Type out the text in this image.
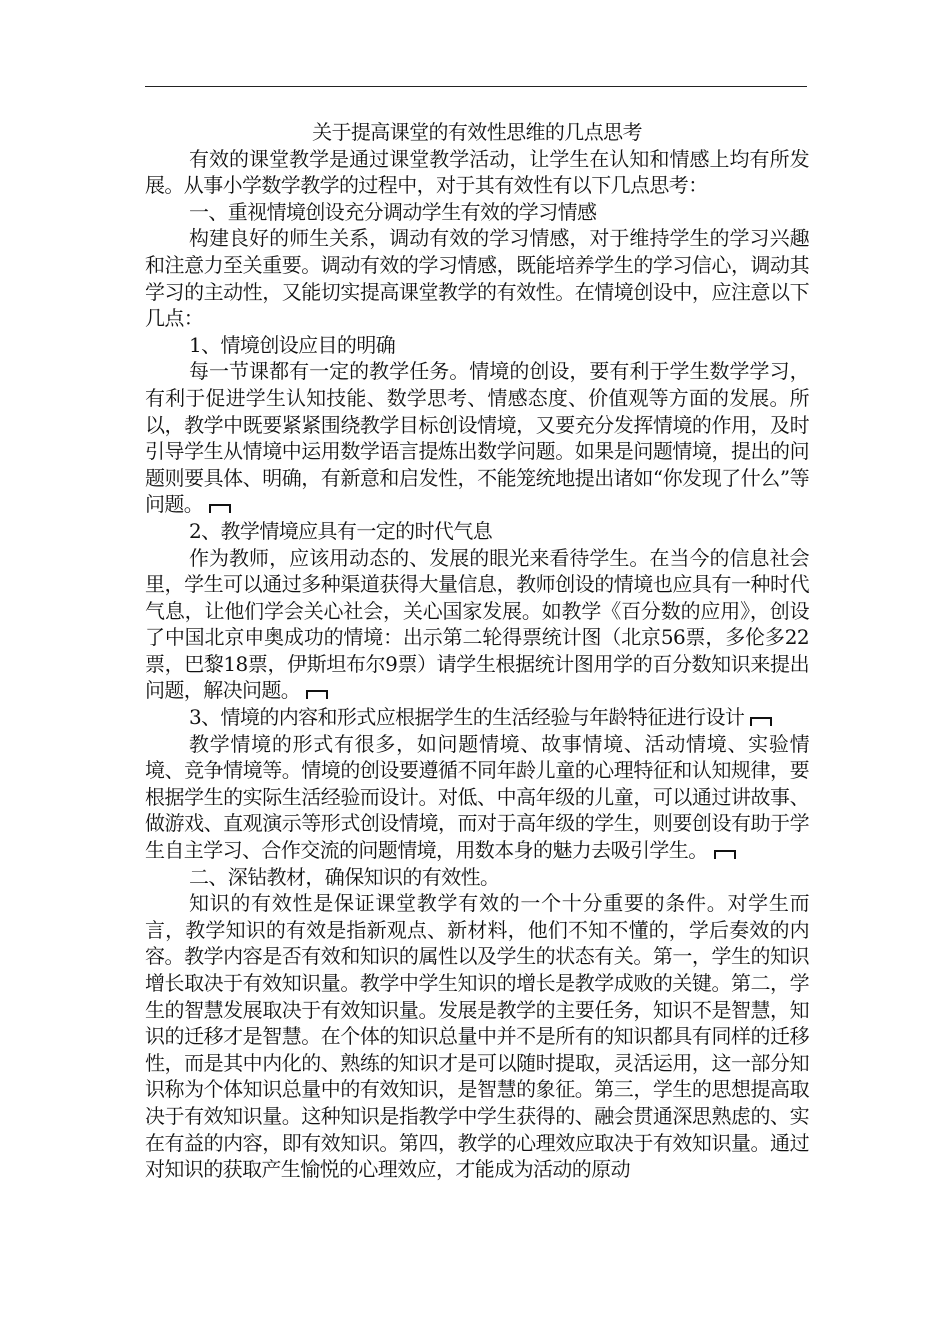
关于提高课堂的有效性思维的几点思考

有效的课堂教学是通过课堂教学活动，让学生在认知和情感上均有所发展。从事小学数学教学的过程中，对于其有效性有以下几点思考：

一、重视情境创设充分调动学生有效的学习情感

构建良好的师生关系，调动有效的学习情感，对于维持学生的学习兴趣和注意力至关重要。调动有效的学习情感，既能培养学生的学习信心，调动其学习的主动性，又能切实提高课堂教学的有效性。在情境创设中，应注意以下几点：

1、情境创设应目的明确

每一节课都有一定的教学任务。情境的创设，要有利于学生数学学习，有利于促进学生认知技能、数学思考、情感态度、价值观等方面的发展。所以，教学中既要紧紧围绕教学目标创设情境，又要充分发挥情境的作用，及时引导学生从情境中运用数学语言提炼出数学问题。如果是问题情境，提出的问题则要具体、明确，有新意和启发性，不能笼统地提出诸如“你发现了什么”等问题。

2、教学情境应具有一定的时代气息

作为教师，应该用动态的、发展的眼光来看待学生。在当今的信息社会里，学生可以通过多种渠道获得大量信息，教师创设的情境也应具有一种时代气息，让他们学会关心社会，关心国家发展。如教学《百分数的应用》，创设了中国北京申奥成功的情境：出示第二轮得票统计图（北京56票，多伦多22票，巴黎18票，伊斯坦布尔9票）请学生根据统计图用学的百分数知识来提出问题，解决问题。

3、情境的内容和形式应根据学生的生活经验与年龄特征进行设计

教学情境的形式有很多，如问题情境、故事情境、活动情境、实验情境、竞争情境等。情境的创设要遵循不同年龄儿童的心理特征和认知规律，要根据学生的实际生活经验而设计。对低、中高年级的儿童，可以通过讲故事、做游戏、直观演示等形式创设情境，而对于高年级的学生，则要创设有助于学生自主学习、合作交流的问题情境，用数本身的魅力去吸引学生。

二、深钻教材，确保知识的有效性。

知识的有效性是保证课堂教学有效的一个十分重要的条件。对学生而言，教学知识的有效是指新观点、新材料，他们不知不懂的，学后奏效的内容。教学内容是否有效和知识的属性以及学生的状态有关。第一，学生的知识增长取决于有效知识量。教学中学生知识的增长是教学成败的关键。第二，学生的智慧发展取决于有效知识量。发展是教学的主要任务，知识不是智慧，知识的迁移才是智慧。在个体的知识总量中并不是所有的知识都具有同样的迁移性，而是其中内化的、熟练的知识才是可以随时提取，灵活运用，这一部分知识称为个体知识总量中的有效知识，是智慧的象征。第三，学生的思想提高取决于有效知识量。这种知识是指教学中学生获得的、融会贯通深思熟虑的、实在有益的内容，即有效知识。第四，教学的心理效应取决于有效知识量。通过对知识的获取产生愉悦的心理效应，才能成为活动的原动
